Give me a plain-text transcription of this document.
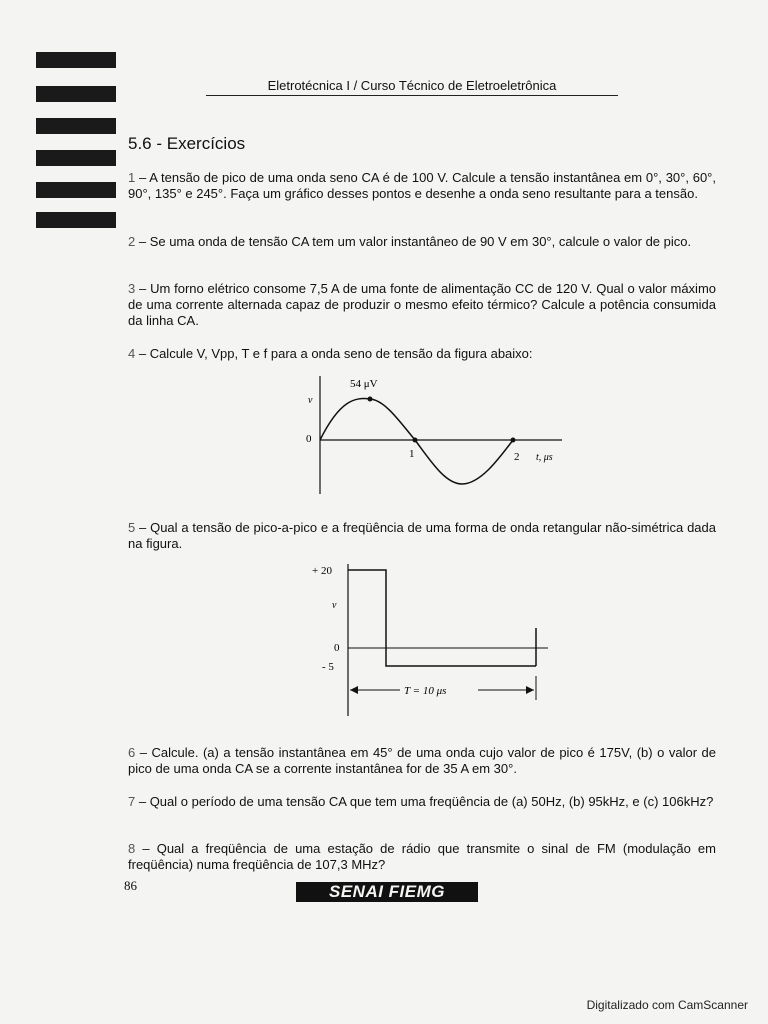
Eletrotécnica I / Curso Técnico de Eletroeletrônica
5.6 - Exercícios
1 – A tensão de pico de uma onda seno CA é de 100 V. Calcule a tensão instantânea em 0°, 30°, 60°, 90°, 135° e 245°. Faça um gráfico desses pontos e desenhe a onda seno resultante para a tensão.
2 – Se uma onda de tensão CA tem um valor instantâneo de 90 V em 30°, calcule o valor de pico.
3 – Um forno elétrico consome 7,5 A de uma fonte de alimentação CC de 120 V. Qual o valor máximo de uma corrente alternada capaz de produzir o mesmo efeito térmico? Calcule a potência consumida da linha CA.
4 – Calcule V, Vpp, T e f para a onda seno de tensão da figura abaixo:
54 μV
v
0
1	2 t, μs
5 – Qual a tensão de pico-a-pico e a freqüência de uma forma de onda retangular não-simétrica dada na figura.
+ 20
v
0
- 5
T = 10 μs
6 – Calcule. (a) a tensão instantânea em 45° de uma onda cujo valor de pico é 175V, (b) o valor de pico de uma onda CA se a corrente instantânea for de 35 A em 30°.
7 – Qual o período de uma tensão CA que tem uma freqüência de (a) 50Hz, (b) 95kHz, e (c) 106kHz?
8 – Qual a freqüência de uma estação de rádio que transmite o sinal de FM (modulação em freqüência) numa freqüência de 107,3 MHz?
86	SENAI FIEMG
Digitalizado com CamScanner
